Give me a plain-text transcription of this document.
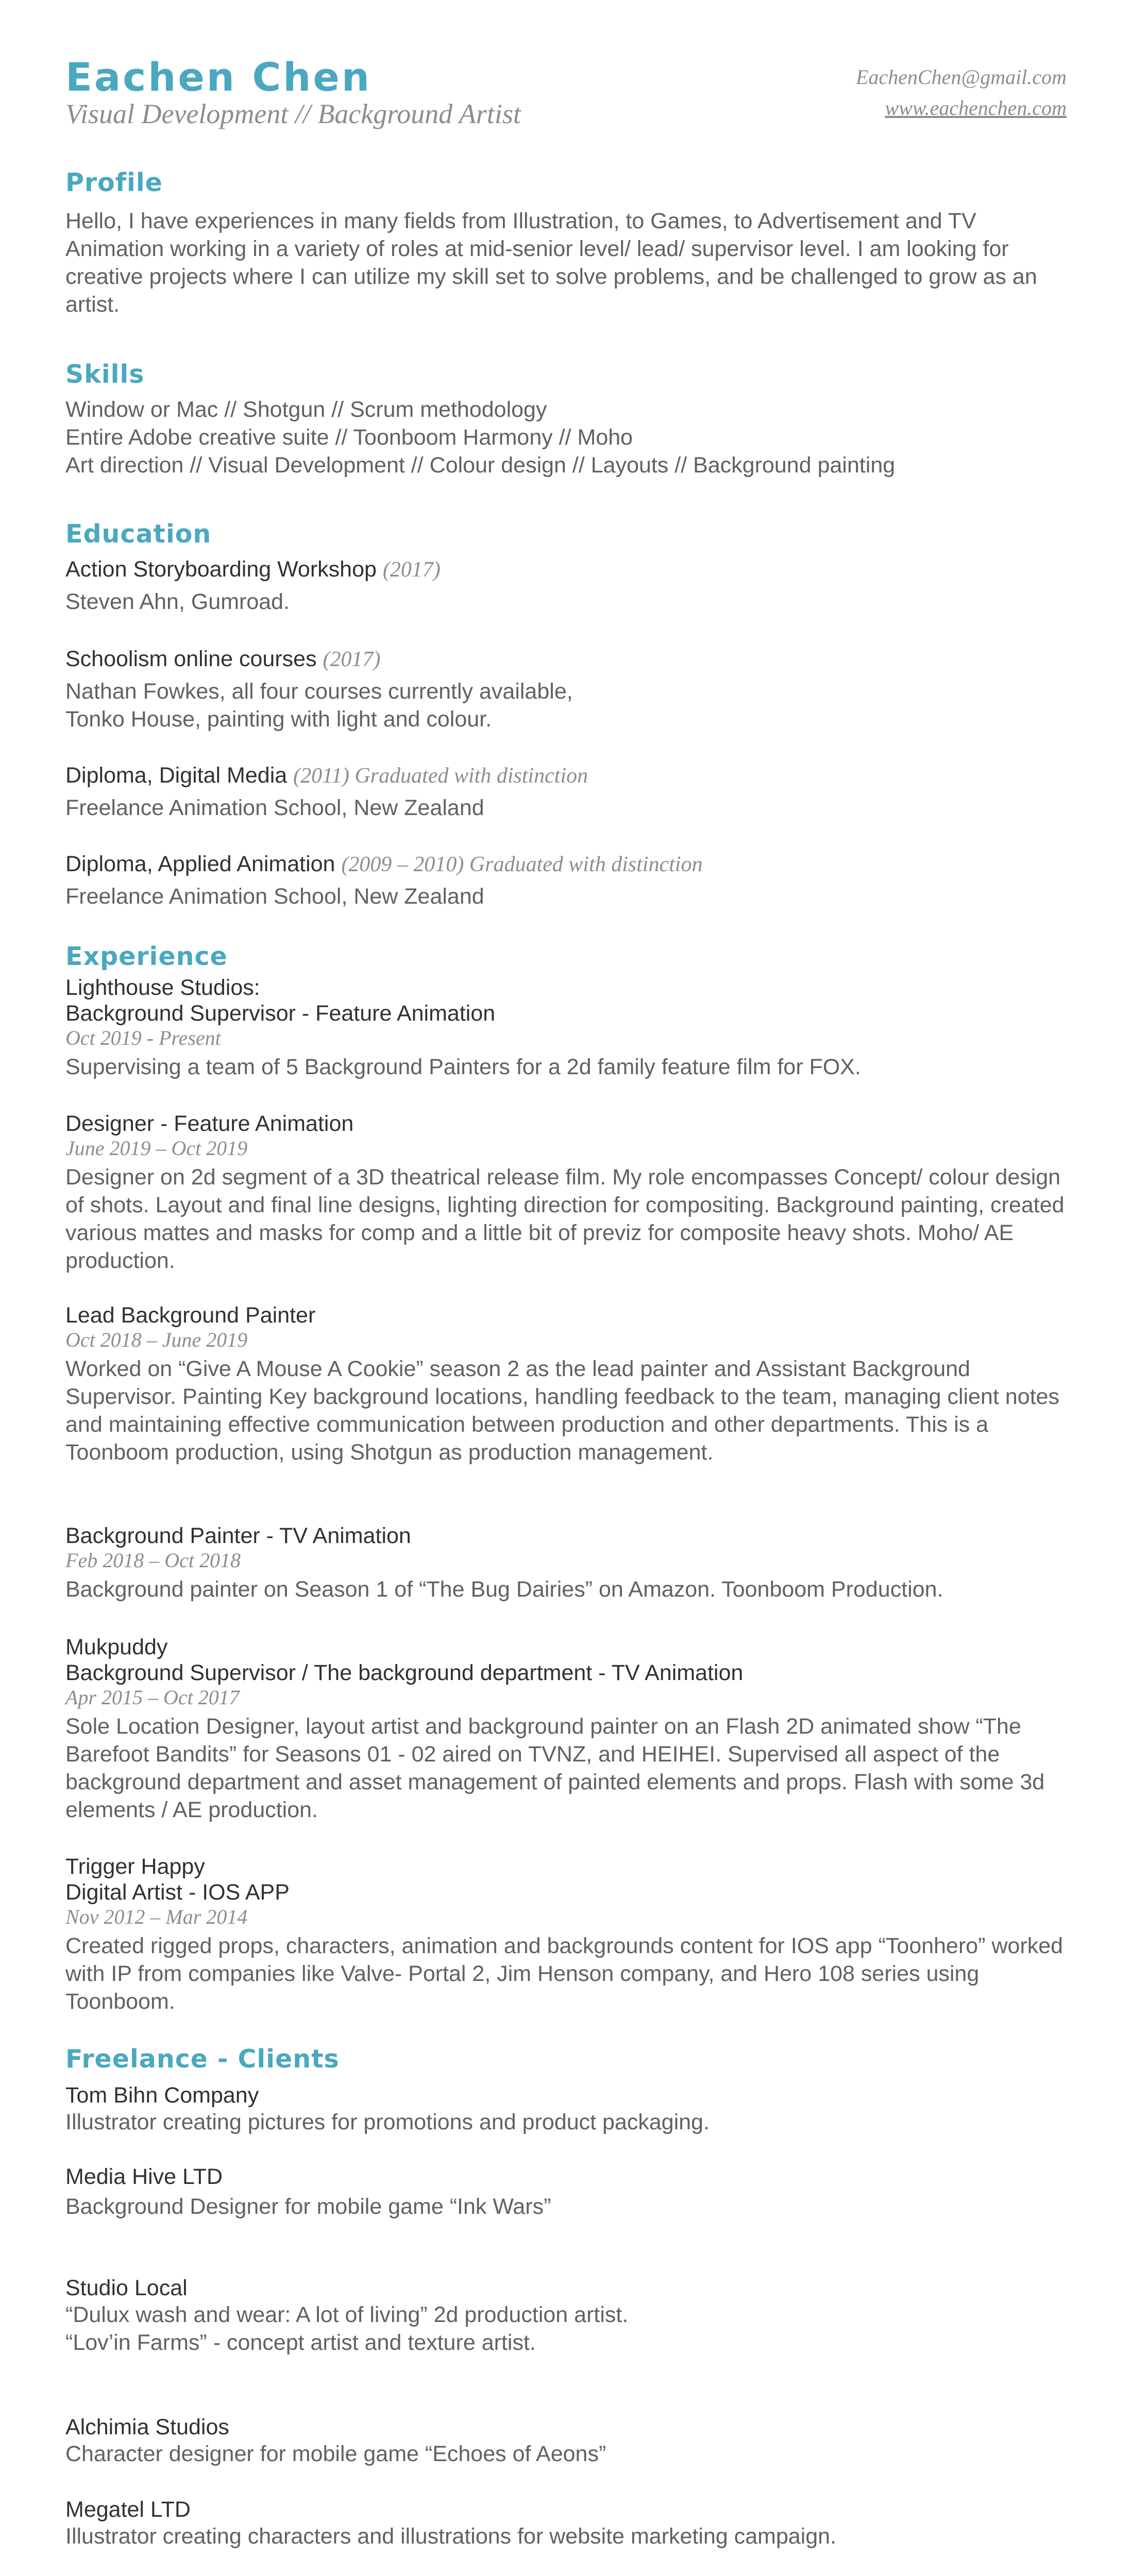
Eachen Chen
Visual Development // Background Artist
EachenChen@gmail.com
www.eachenchen.com
Profile

Hello, I have experiences in many fields from Illustration, to Games, to Advertisement and TV Animation working in a variety of roles at mid-senior level/ lead/ supervisor level. I am looking for creative projects where I can utilize my skill set to solve problems, and be challenged to grow as an artist.

Skills

Window or Mac // Shotgun // Scrum methodology

Entire Adobe creative suite // Toonboom Harmony // Moho

Art direction // Visual Development // Colour design // Layouts // Background painting

Education

Action Storyboarding Workshop (2017)

Steven Ahn, Gumroad.

Schoolism online courses (2017)

Nathan Fowkes, all four courses currently available,

Tonko House, painting with light and colour.

Diploma, Digital Media (2011) Graduated with distinction

Freelance Animation School, New Zealand

Diploma, Applied Animation (2009 – 2010) Graduated with distinction

Freelance Animation School, New Zealand

Experience

Lighthouse Studios:

Background Supervisor - Feature Animation

Oct 2019 - Present

Supervising a team of 5 Background Painters for a 2d family feature film for FOX.

Designer - Feature Animation

June 2019 – Oct 2019

Designer on 2d segment of a 3D theatrical release film. My role encompasses Concept/ colour design of shots. Layout and final line designs, lighting direction for compositing. Background painting, created various mattes and masks for comp and a little bit of previz for composite heavy shots. Moho/ AE production.

Lead Background Painter

Oct 2018 – June 2019

Worked on “Give A Mouse A Cookie” season 2 as the lead painter and Assistant Background Supervisor. Painting Key background locations, handling feedback to the team, managing client notes and maintaining effective communication between production and other departments. This is a Toonboom production, using Shotgun as production management.

Background Painter - TV Animation

Feb 2018 – Oct 2018

Background painter on Season 1 of “The Bug Dairies” on Amazon. Toonboom Production.

Mukpuddy

Background Supervisor / The background department - TV Animation

Apr 2015 – Oct 2017

Sole Location Designer, layout artist and background painter on an Flash 2D animated show “The Barefoot Bandits” for Seasons 01 - 02 aired on TVNZ, and HEIHEI. Supervised all aspect of the background department and asset management of painted elements and props. Flash with some 3d elements / AE production.

Trigger Happy

Digital Artist - IOS APP

Nov 2012 – Mar 2014

Created rigged props, characters, animation and backgrounds content for IOS app “Toonhero” worked with IP from companies like Valve- Portal 2, Jim Henson company, and Hero 108 series using Toonboom.

Freelance - Clients

Tom Bihn Company

Illustrator creating pictures for promotions and product packaging.

Media Hive LTD

Background Designer for mobile game “Ink Wars”

Studio Local

“Dulux wash and wear: A lot of living” 2d production artist.

“Lov’in Farms” - concept artist and texture artist.

Alchimia Studios

Character designer for mobile game “Echoes of Aeons”

Megatel LTD

Illustrator creating characters and illustrations for website marketing campaign.
